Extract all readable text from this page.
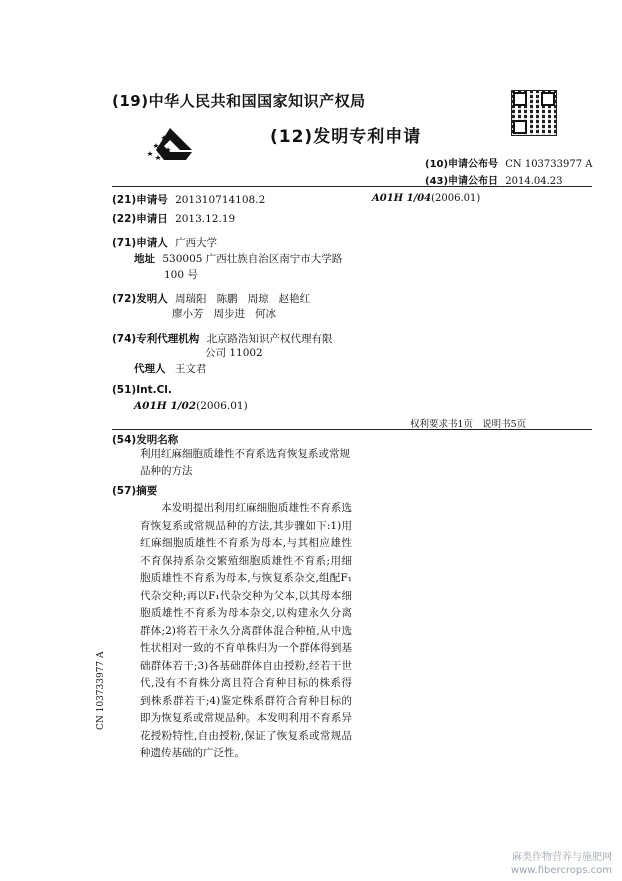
(19)中华人民共和国国家知识产权局
(12)发明专利申请
(10)申请公布号 CN 103733977 A
(43)申请公布日 2014.04.23
(21)申请号 201310714108.2
(22)申请日 2013.12.19
(71)申请人 广西大学
地址 530005 广西壮族自治区南宁市大学路
100 号
(72)发明人 周瑞阳   陈鹏   周琼   赵艳红
廖小芳   周步进   何冰
(74)专利代理机构 北京路浩知识产权代理有限
公司 11002
代理人 王文君
(51)Int.Cl.
A01H 1/02(2006.01)
A01H 1/04(2006.01)
权利要求书1页   说明书5页
(54)发明名称
利用红麻细胞质雄性不育系选育恢复系或常规品种的方法
(57)摘要
本发明提出利用红麻细胞质雄性不育系选育恢复系或常规品种的方法,其步骤如下:1)用红麻细胞质雄性不育系为母本,与其相应雄性不育保持系杂交繁殖细胞质雄性不育系;用细胞质雄性不育系为母本,与恢复系杂交,组配F₁代杂交种;再以F₁代杂交种为父本,以其母本细胞质雄性不育系为母本杂交,以构建永久分离群体;2)将若干永久分离群体混合种植,从中选性状相对一致的不育单株归为一个群体得到基础群体若干;3)各基础群体自由授粉,经若干世代,没有不育株分离且符合育种目标的株系得到株系群若干;4)鉴定株系群符合育种目标的即为恢复系或常规品种。本发明利用不育系异花授粉特性,自由授粉,保证了恢复系或常规品种遗传基础的广泛性。
CN 103733977 A
麻类作物营养与施肥网
www.fibercrops.com
